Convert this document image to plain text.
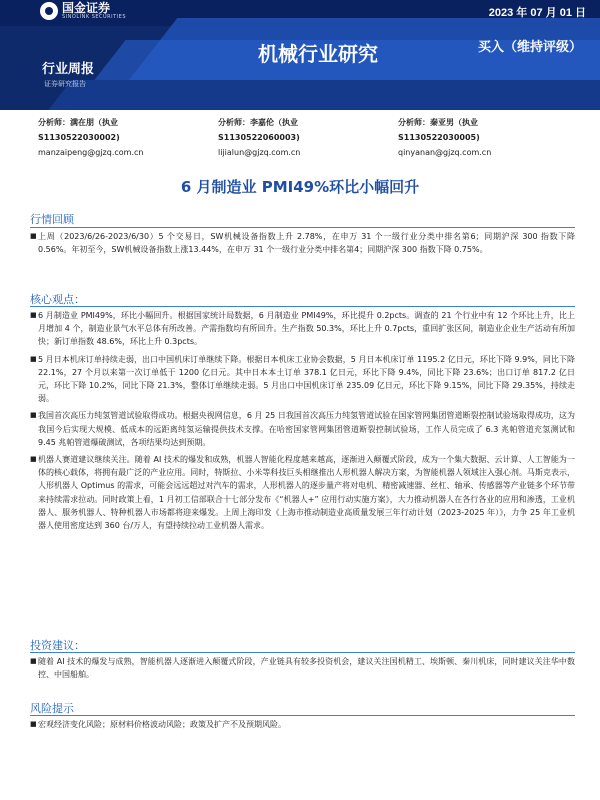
国金证券
SINOLINK SECURITIES	2023 年 07 月 01 日
机械行业研究	买入（维持评级）
行业周报
证券研究报告
分析师：满在朋（执业
S1130522030002)
manzaipeng@gjzq.com.cn
分析师：李嘉伦（执业
S1130522060003)
lijialun@gjzq.com.cn
分析师：秦亚男（执业
S1130522030005)
qinyanan@gjzq.com.cn
6 月制造业 PMI49%环比小幅回升
行情回顾
■ 上周（2023/6/26-2023/6/30）5 个交易日，SW机械设备指数上升 2.78%，在申万 31 个一级行业分类中排名第6；同期沪深 300 指数下降 0.56%。年初至今，SW机械设备指数上涨13.44%，在申万 31 个一级行业分类中排名第4；同期沪深 300 指数下降 0.75%。
核心观点：
■ 6 月制造业 PMI49%，环比小幅回升。根据国家统计局数据，6 月制造业 PMI49%，环比提升 0.2pcts。调查的 21 个行业中有 12 个环比上升，比上月增加 4 个，制造业景气水平总体有所改善。产需指数均有所回升。生产指数 50.3%，环比上升 0.7pcts，重回扩张区间，制造业企业生产活动有所加快；新订单指数 48.6%，环比上升 0.3pcts。
■ 5 月日本机床订单持续走弱，出口中国机床订单继续下降。根据日本机床工业协会数据，5 月日本机床订单 1195.2 亿日元，环比下降 9.9%，同比下降 22.1%，27 个月以来第一次订单低于 1200 亿日元。其中日本本土订单 378.1 亿日元，环比下降 9.4%，同比下降 23.6%；出口订单 817.2 亿日元，环比下降 10.2%，同比下降 21.3%，整体订单继续走弱。5 月出口中国机床订单 235.09 亿日元，环比下降 9.15%，同比下降 29.35%，持续走弱。
■ 我国首次高压力纯氢管道试验取得成功。根据央视网信息，6 月 25 日我国首次高压力纯氢管道试验在国家管网集团管道断裂控制试验场取得成功，这为我国今后实现大规模、低成本的远距离纯氢运输提供技术支撑。在哈密国家管网集团管道断裂控制试验场，工作人员完成了 6.3 兆帕管道充氢测试和 9.45 兆帕管道爆破测试，各项结果均达到预期。
■ 机器人赛道建议继续关注。随着 AI 技术的爆发和成熟，机器人智能化程度越来越高，逐渐进入颠覆式阶段，成为一个集大数据、云计算、人工智能为一体的核心载体，将拥有最广泛的产业应用。同时，特斯拉、小米等科技巨头相继推出人形机器人解决方案，为智能机器人领域注入强心剂。马斯克表示，人形机器人 Optimus 的需求，可能会远远超过对汽车的需求，人形机器人的逐步量产将对电机、精密减速器、丝杠、轴承、传感器等产业链多个环节带来持续需求拉动。同时政策上看，1 月初工信部联合十七部分发布《“机器人+” 应用行动实施方案》，大力推动机器人在各行各业的应用和渗透，工业机器人、服务机器人、特种机器人市场都将迎来爆发。上周上海印发《上海市推动制造业高质量发展三年行动计划（2023-2025 年）》，力争 25 年工业机器人使用密度达到 360 台/万人，有望持续拉动工业机器人需求。
投资建议：
■ 随着 AI 技术的爆发与成熟，智能机器人逐渐进入颠覆式阶段，产业链具有较多投资机会，建议关注国机精工、埃斯顿、秦川机床，同时建议关注华中数控、中国船舶。
风险提示
■ 宏观经济变化风险；原材料价格波动风险；政策及扩产不及预期风险。
